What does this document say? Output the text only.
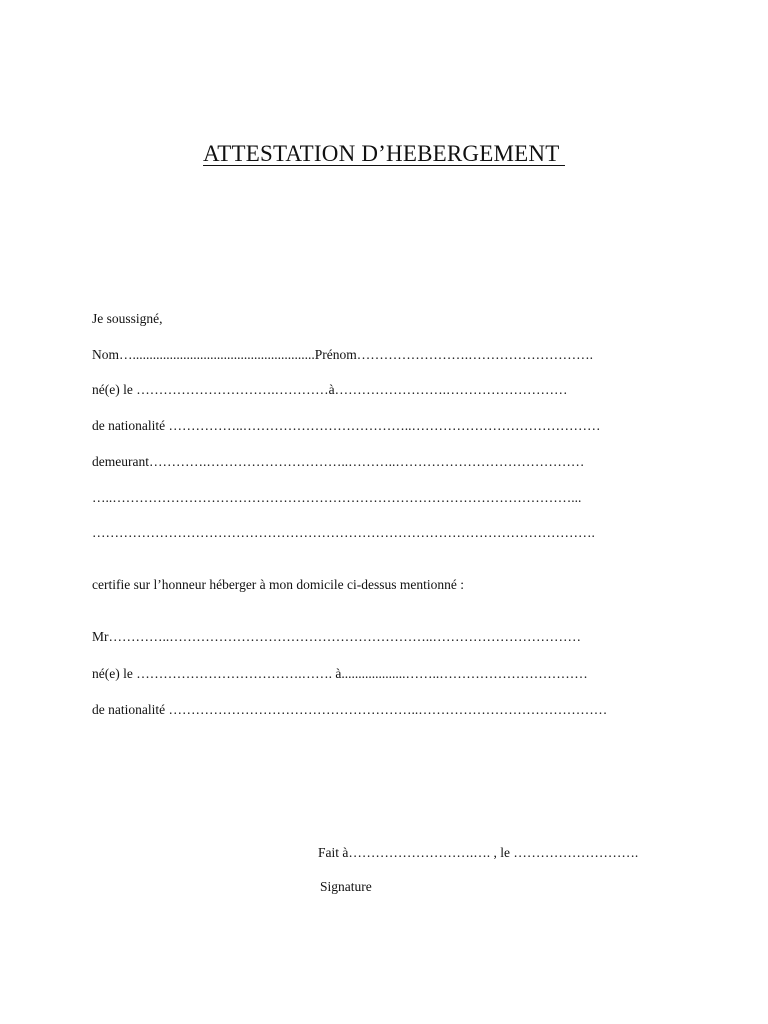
ATTESTATION D’HEBERGEMENT
Je soussigné,
Nom…......................................................Prénom…………………….……………………….
né(e) le ………………………….…………à…………………….………………………
de nationalité ……………..………………………………..……………………………………
demeurant………….…………………………..………..……………………………………
…..…………………………………………………………………………………………...
………………………………………………………………………………………………….
certifie sur l’honneur héberger à mon domicile ci-dessus mentionné :
Mr…………..…………………………………………………..……………………………
né(e) le ……………………………….……. à...................……..……………………………
de nationalité ………………………………………………..……………………………………
Fait à……………………….…. , le ……………………….
Signature
